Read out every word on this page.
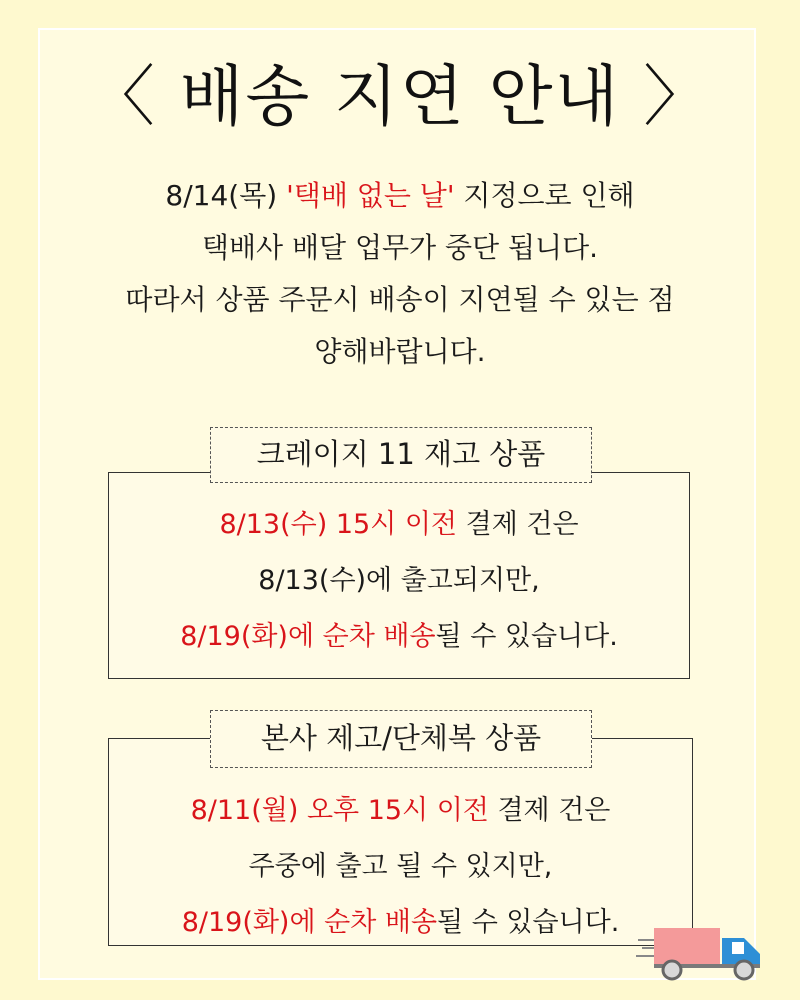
〈 배송 지연 안내 〉
8/14(목) '택배 없는 날' 지정으로 인해
택배사 배달 업무가 중단 됩니다.
따라서 상품 주문시 배송이 지연될 수 있는 점
양해바랍니다.
8/13(수) 15시 이전 결제 건은
8/13(수)에 출고되지만,
8/19(화)에 순차 배송될 수 있습니다.
크레이지 11 재고 상품
8/11(월) 오후 15시 이전 결제 건은
주중에 출고 될 수 있지만,
8/19(화)에 순차 배송될 수 있습니다.
본사 제고/단체복 상품
